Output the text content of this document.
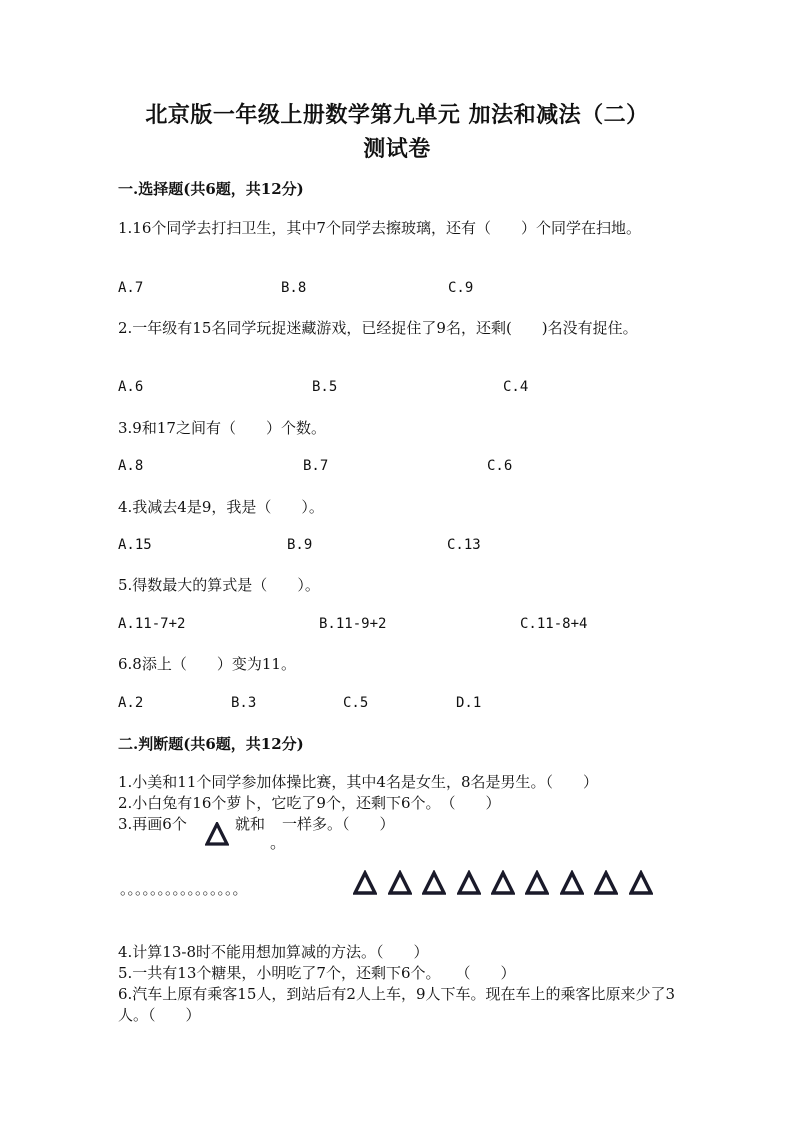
北京版一年级上册数学第九单元 加法和减法（二）
测试卷
一.选择题(共6题，共12分)
1.16个同学去打扫卫生，其中7个同学去擦玻璃，还有（　　）个同学在扫地。
A.7	B.8	C.9
2.一年级有15名同学玩捉迷藏游戏，已经捉住了9名，还剩(　　)名没有捉住。
A.6	B.5	C.4
3.9和17之间有（　　）个数。
A.8	B.7	C.6
4.我减去4是9，我是（　　）。
A.15	B.9	C.13
5.得数最大的算式是（　　）。
A.11-7+2	B.11-9+2	C.11-8+4
6.8添上（　　）变为11。
A.2	B.3	C.5	D.1
二.判断题(共6题，共12分)
1.小美和11个同学参加体操比赛，其中4名是女生，8名是男生。（　　）
2.小白兔有16个萝卜，它吃了9个，还剩下6个。　（　　）
3.再画6个	就和 一样多。（　　）
。
。。。。。。。。。。。。。。。。
4.计算13-8时不能用想加算减的方法。（　　）
5.一共有13个糖果，小明吃了7个，还剩下6个。　　（　　）
6.汽车上原有乘客15人，到站后有2人上车，9人下车。现在车上的乘客比原来少了3人。（　　）
